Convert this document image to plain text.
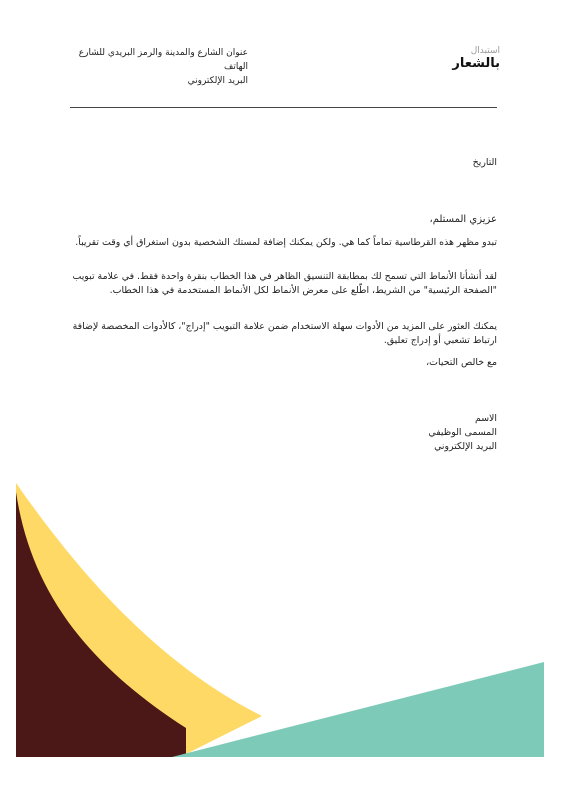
استبدال
بالشعار
عنوان الشارع والمدينة والرمز البريدي للشارع
الهاتف
البريد الإلكتروني
التاريخ
عزيزي المستلم،
تبدو مظهر هذه القرطاسية تماماً كما هي. ولكن يمكنك إضافة لمستك الشخصية بدون استغراق أي وقت تقريباً.
لقد أنشأنا الأنماط التي تسمح لك بمطابقة التنسيق الظاهر في هذا الخطاب بنقرة واحدة فقط. في علامة تبويب "الصفحة الرئيسية" من الشريط، اطّلع على معرض الأنماط لكل الأنماط المستخدمة في هذا الخطاب.
يمكنك العثور على المزيد من الأدوات سهلة الاستخدام ضمن علامة التبويب "إدراج"، كالأدوات المخصصة لإضافة ارتباط تشعبي أو إدراج تعليق.
مع خالص التحيات،
الاسم
المسمى الوظيفي
البريد الإلكتروني
